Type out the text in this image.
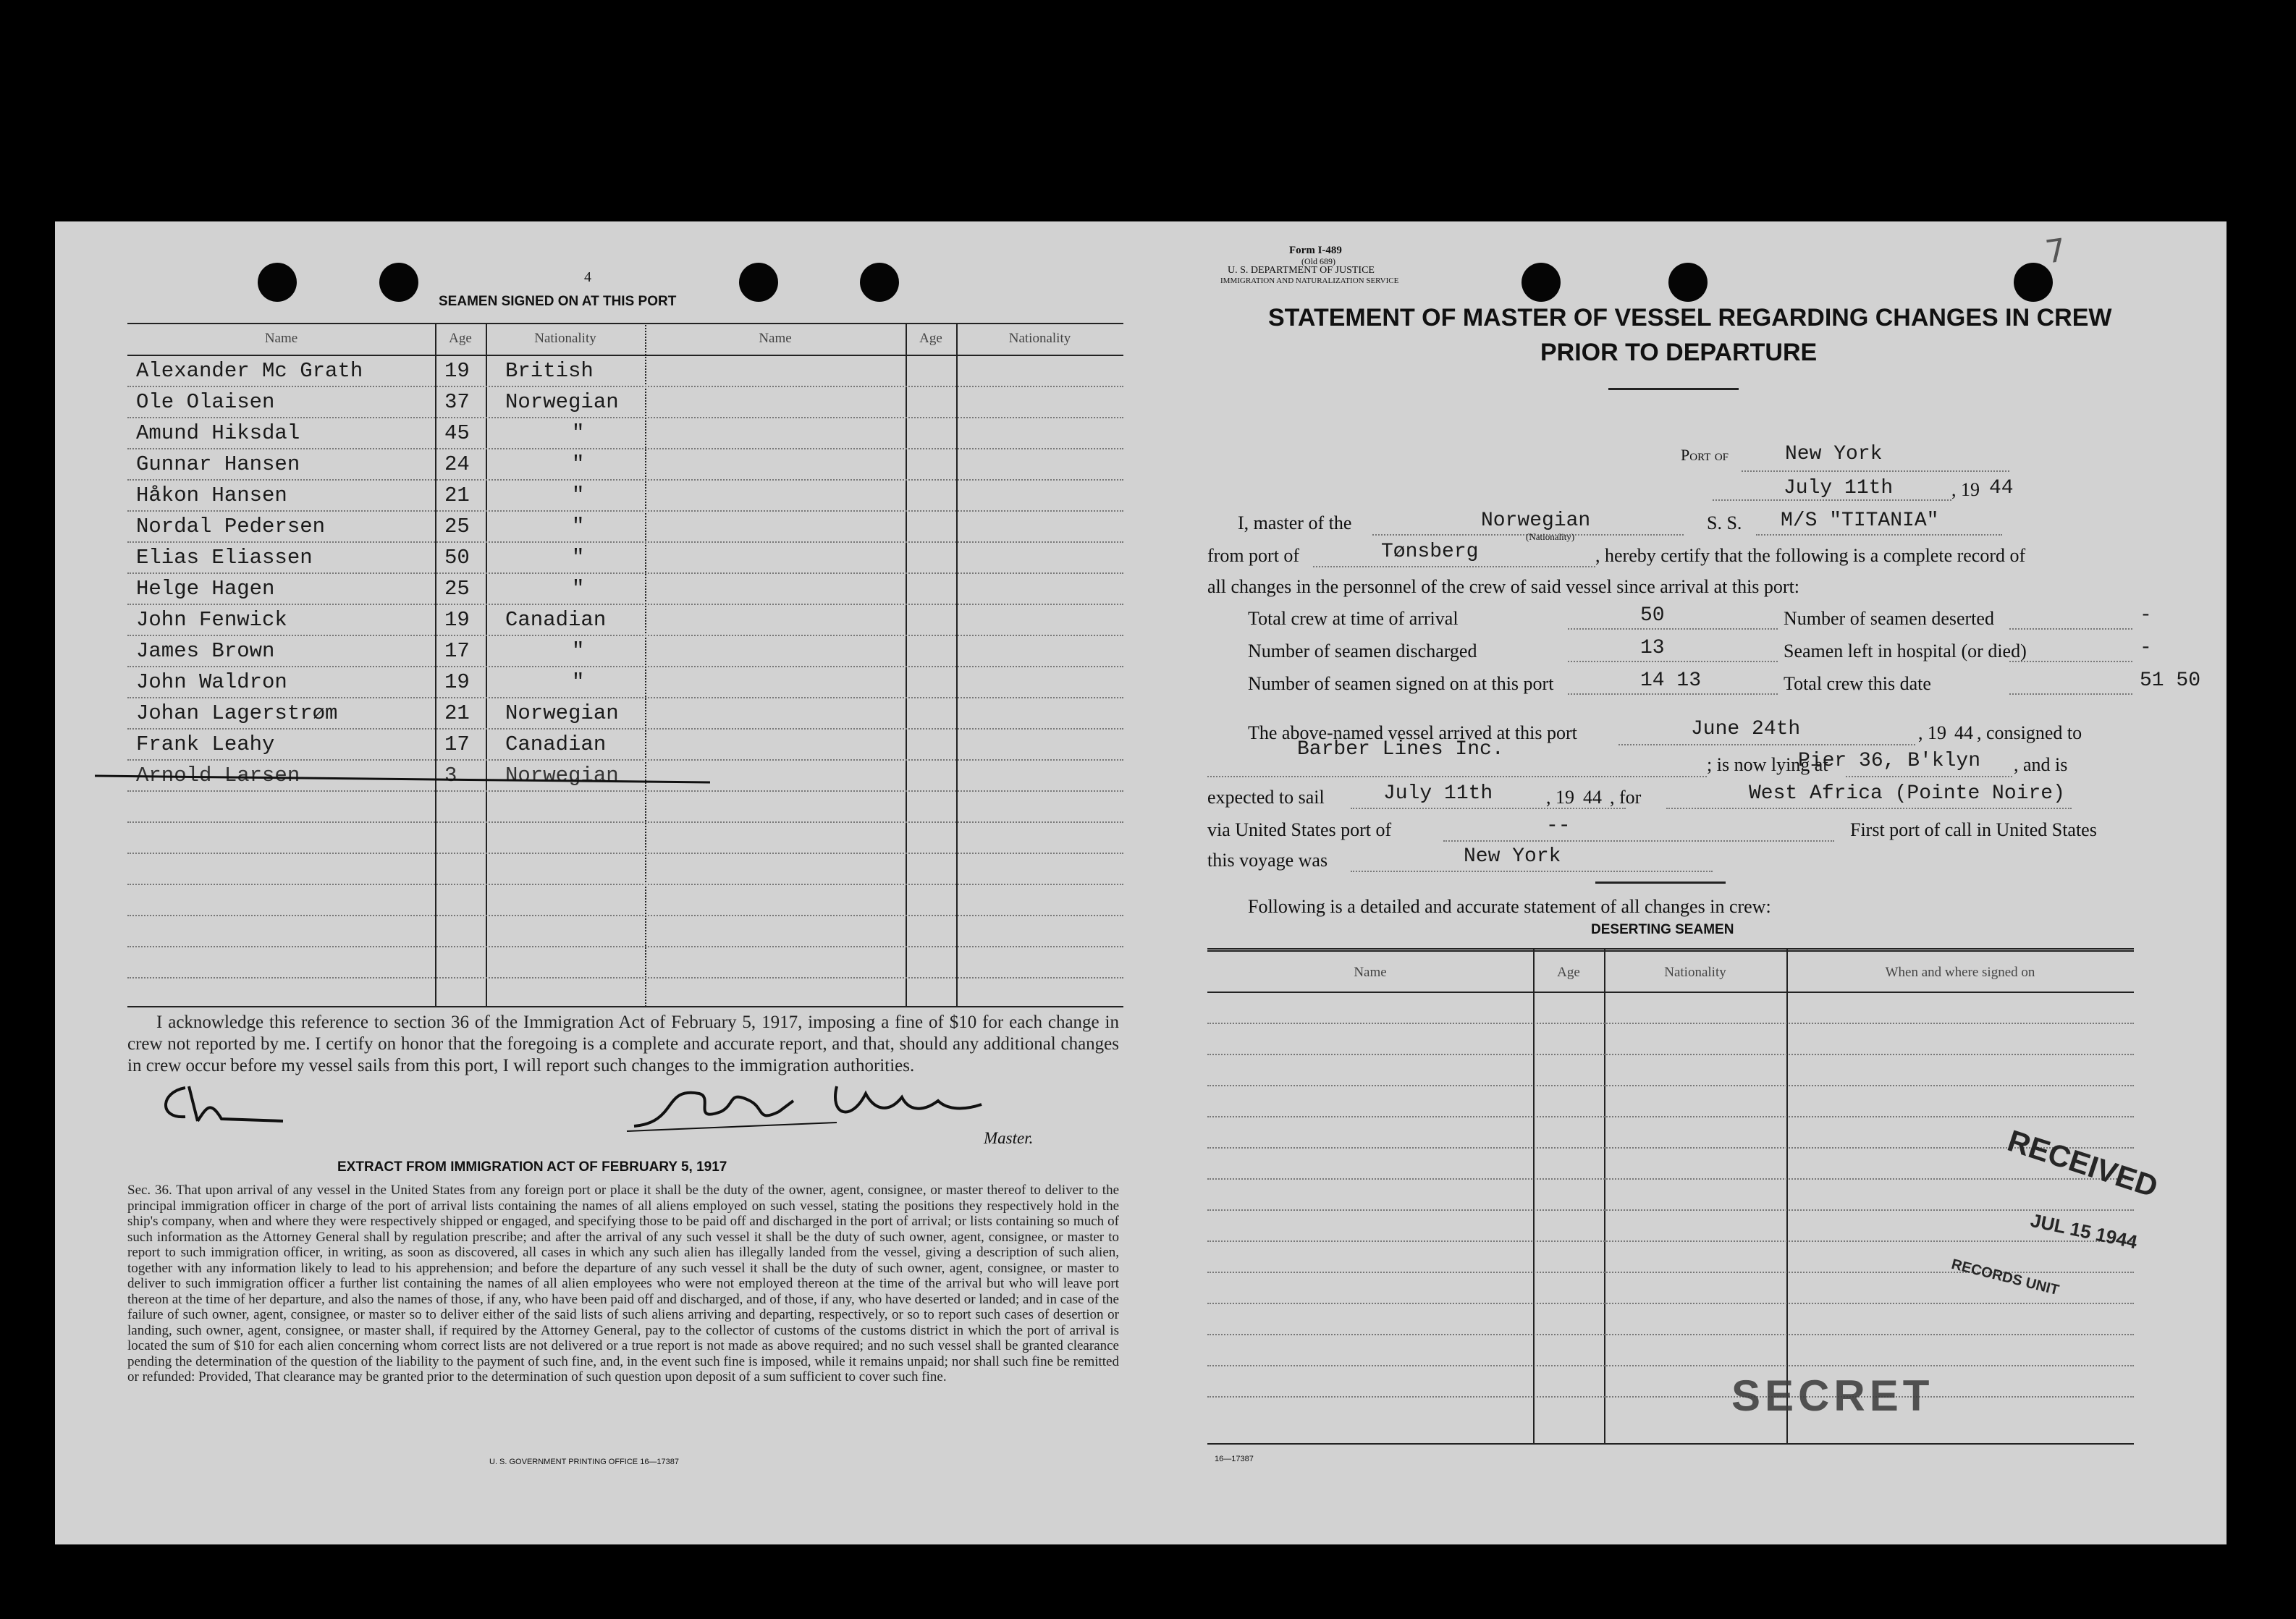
4
SEAMEN SIGNED ON AT THIS PORT
Name	Age	Nationality	Name	Age	Nationality
Alexander Mc Grath	19 British
Ole Olaisen	37 Norwegian
Amund Hiksdal	45	"
Gunnar Hansen	24	"
Håkon Hansen	21	"
Nordal Pedersen	25	"
Elias Eliassen	50	"
Helge Hagen	25	"
John Fenwick	19 Canadian
James Brown	17	"
John Waldron	19	"
Johan Lagerstrøm	21 Norwegian
Frank Leahy	17 Canadian
Arnold Larsen	3 Norwegian
I acknowledge this reference to section 36 of the Immigration Act of February 5, 1917, imposing a fine of $10 for each change in crew not reported by me. I certify on honor that the foregoing is a complete and accurate report, and that, should any additional changes in crew occur before my vessel sails from this port, I will report such changes to the immigration authorities.
Master.
EXTRACT FROM IMMIGRATION ACT OF FEBRUARY 5, 1917
Sec. 36. That upon arrival of any vessel in the United States from any foreign port or place it shall be the duty of the owner, agent, consignee, or master thereof to deliver to the principal immigration officer in charge of the port of arrival lists containing the names of all aliens employed on such vessel, stating the positions they respectively hold in the ship's company, when and where they were respectively shipped or engaged, and specifying those to be paid off and discharged in the port of arrival; or lists containing so much of such information as the Attorney General shall by regulation prescribe; and after the arrival of any such vessel it shall be the duty of such owner, agent, consignee, or master to report to such immigration officer, in writing, as soon as discovered, all cases in which any such alien has illegally landed from the vessel, giving a description of such alien, together with any information likely to lead to his apprehension; and before the departure of any such vessel it shall be the duty of such owner, agent, consignee, or master to deliver to such immigration officer a further list containing the names of all alien employees who were not employed thereon at the time of the arrival but who will leave port thereon at the time of her departure, and also the names of those, if any, who have been paid off and discharged, and of those, if any, who have deserted or landed; and in case of the failure of such owner, agent, consignee, or master so to deliver either of the said lists of such aliens arriving and departing, respectively, or so to report such cases of desertion or landing, such owner, agent, consignee, or master shall, if required by the Attorney General, pay to the collector of customs of the customs district in which the port of arrival is located the sum of $10 for each alien concerning whom correct lists are not delivered or a true report is not made as above required; and no such vessel shall be granted clearance pending the determination of the question of the liability to the payment of such fine, and, in the event such fine is imposed, while it remains unpaid; nor shall such fine be remitted or refunded: Provided, That clearance may be granted prior to the determination of such question upon deposit of a sum sufficient to cover such fine.
U. S. GOVERNMENT PRINTING OFFICE 16—17387
Form I-489
(Old 689)
U. S. DEPARTMENT OF JUSTICE
IMMIGRATION AND NATURALIZATION SERVICE
STATEMENT OF MASTER OF VESSEL REGARDING CHANGES IN CREW
PRIOR TO DEPARTURE
Port of	New York
July 11th	, 19 44
I, master of the	Norwegian
(Nationality)
S. S. M/S "TITANIA"
from port of	Tønsberg	, hereby certify that the following is a complete record of
all changes in the personnel of the crew of said vessel since arrival at this port:
Total crew at time of arrival	50
Number of seamen discharged	13
Number of seamen signed on at this port	14 13
Number of seamen deserted	-
Seamen left in hospital (or died)	-
Total crew this date	51 50
The above-named vessel arrived at this port	June 24th	, 19 44 , consigned to
Barber Lines Inc.
; is now lying at
Pier 36, B'klyn , and is
expected to sail	July 11th	, 19 44 , for	West Africa (Pointe Noire)
via United States port of	--	First port of call in United States
this voyage was	New York
Following is a detailed and accurate statement of all changes in crew:
DESERTING SEAMEN
Name	Age	Nationality	When and where signed on
16—17387
RECEIVED
JUL 15 1944
RECORDS UNIT
SECRET
7
